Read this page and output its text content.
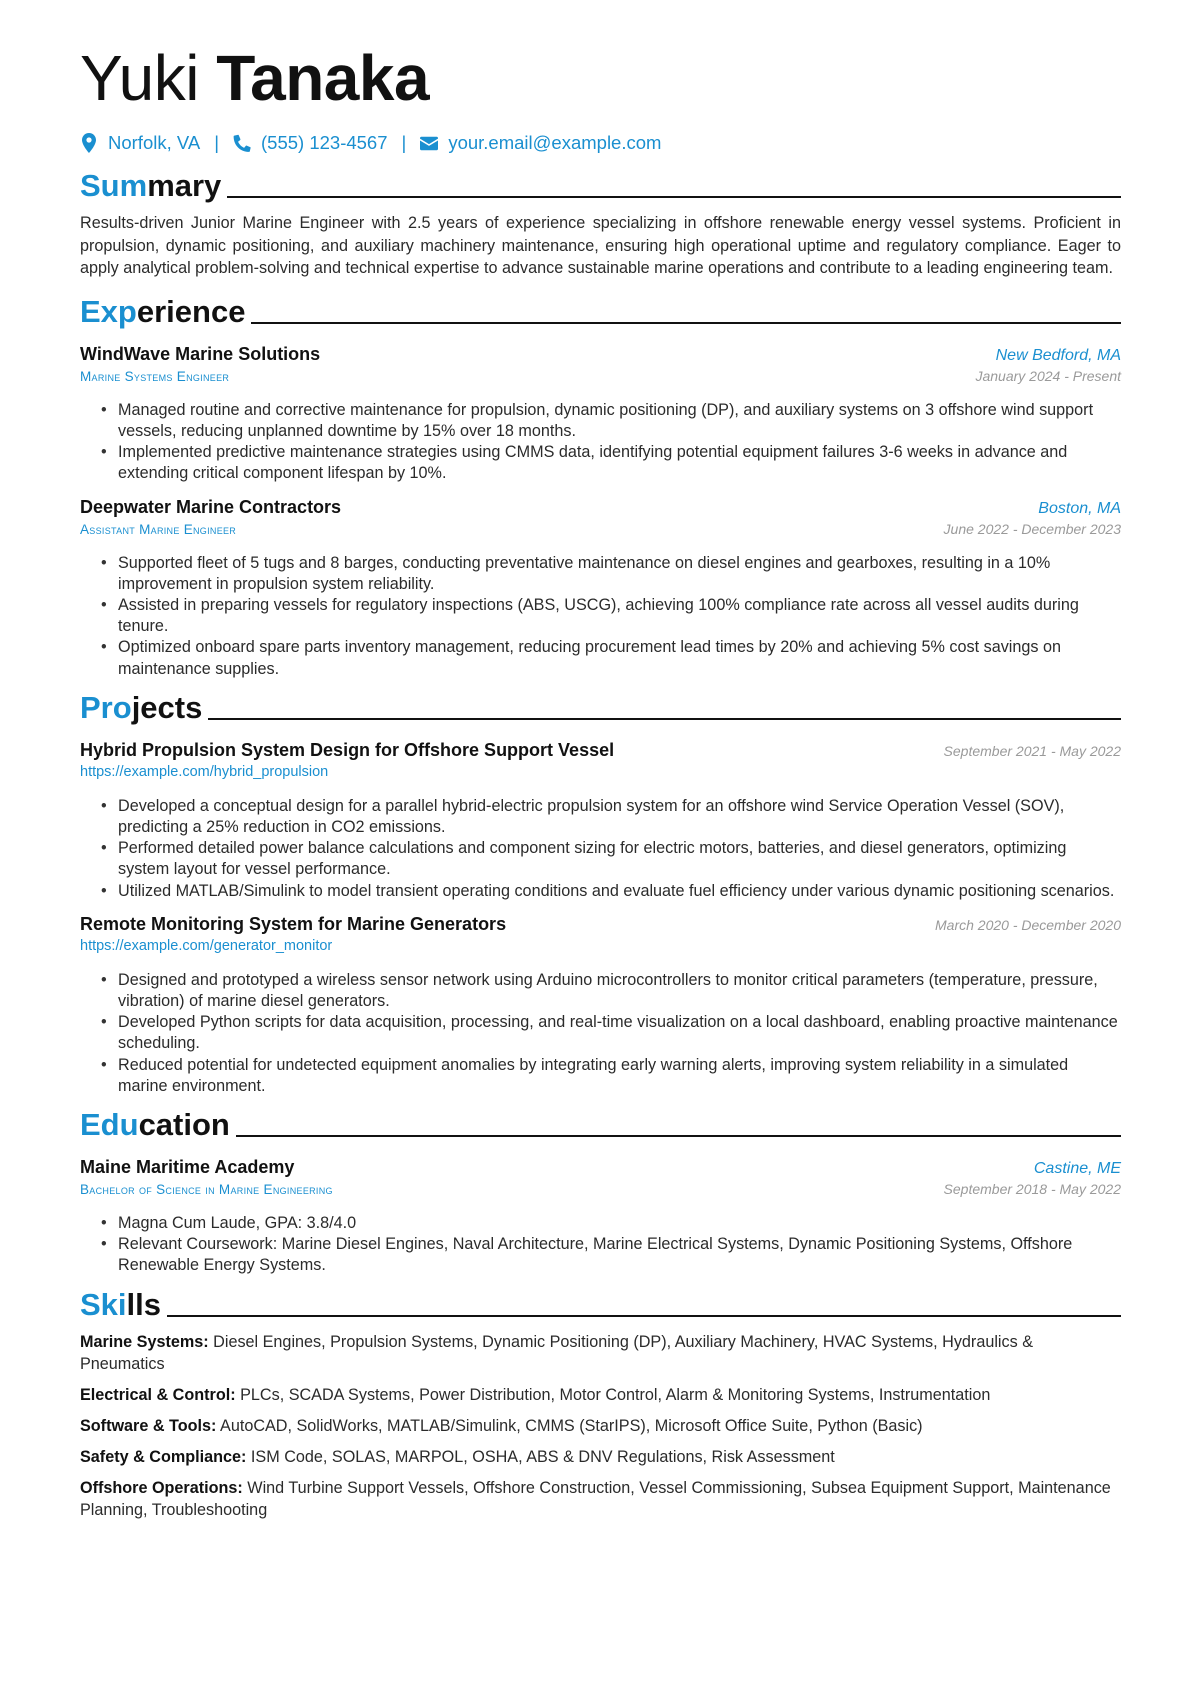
Yuki Tanaka
Norfolk, VA | (555) 123-4567 | your.email@example.com
Summary

Results-driven Junior Marine Engineer with 2.5 years of experience specializing in offshore renewable energy vessel systems. Proficient in propulsion, dynamic positioning, and auxiliary machinery maintenance, ensuring high operational uptime and regulatory compliance. Eager to apply analytical problem-solving and technical expertise to advance sustainable marine operations and contribute to a leading engineering team.

Experience
WindWave Marine Solutions	New Bedford, MA
Marine Systems Engineer	January 2024 - Present
• Managed routine and corrective maintenance for propulsion, dynamic positioning (DP), and auxiliary systems on 3 offshore wind support vessels, reducing unplanned downtime by 15% over 18 months.
• Implemented predictive maintenance strategies using CMMS data, identifying potential equipment failures 3-6 weeks in advance and extending critical component lifespan by 10%.
Deepwater Marine Contractors	Boston, MA
Assistant Marine Engineer	June 2022 - December 2023
• Supported fleet of 5 tugs and 8 barges, conducting preventative maintenance on diesel engines and gearboxes, resulting in a 10% improvement in propulsion system reliability.
• Assisted in preparing vessels for regulatory inspections (ABS, USCG), achieving 100% compliance rate across all vessel audits during tenure.
• Optimized onboard spare parts inventory management, reducing procurement lead times by 20% and achieving 5% cost savings on maintenance supplies.
Projects
Hybrid Propulsion System Design for Offshore Support Vessel	September 2021 - May 2022
https://example.com/hybrid_propulsion
• Developed a conceptual design for a parallel hybrid-electric propulsion system for an offshore wind Service Operation Vessel (SOV), predicting a 25% reduction in CO2 emissions.
• Performed detailed power balance calculations and component sizing for electric motors, batteries, and diesel generators, optimizing system layout for vessel performance.
• Utilized MATLAB/Simulink to model transient operating conditions and evaluate fuel efficiency under various dynamic positioning scenarios.
Remote Monitoring System for Marine Generators	March 2020 - December 2020
https://example.com/generator_monitor
• Designed and prototyped a wireless sensor network using Arduino microcontrollers to monitor critical parameters (temperature, pressure, vibration) of marine diesel generators.
• Developed Python scripts for data acquisition, processing, and real-time visualization on a local dashboard, enabling proactive maintenance scheduling.
• Reduced potential for undetected equipment anomalies by integrating early warning alerts, improving system reliability in a simulated marine environment.
Education
Maine Maritime Academy	Castine, ME
Bachelor of Science in Marine Engineering	September 2018 - May 2022
• Magna Cum Laude, GPA: 3.8/4.0
• Relevant Coursework: Marine Diesel Engines, Naval Architecture, Marine Electrical Systems, Dynamic Positioning Systems, Offshore Renewable Energy Systems.
Skills
Marine Systems: Diesel Engines, Propulsion Systems, Dynamic Positioning (DP), Auxiliary Machinery, HVAC Systems, Hydraulics & Pneumatics
Electrical & Control: PLCs, SCADA Systems, Power Distribution, Motor Control, Alarm & Monitoring Systems, Instrumentation
Software & Tools: AutoCAD, SolidWorks, MATLAB/Simulink, CMMS (StarIPS), Microsoft Office Suite, Python (Basic)
Safety & Compliance: ISM Code, SOLAS, MARPOL, OSHA, ABS & DNV Regulations, Risk Assessment
Offshore Operations: Wind Turbine Support Vessels, Offshore Construction, Vessel Commissioning, Subsea Equipment Support, Maintenance Planning, Troubleshooting
